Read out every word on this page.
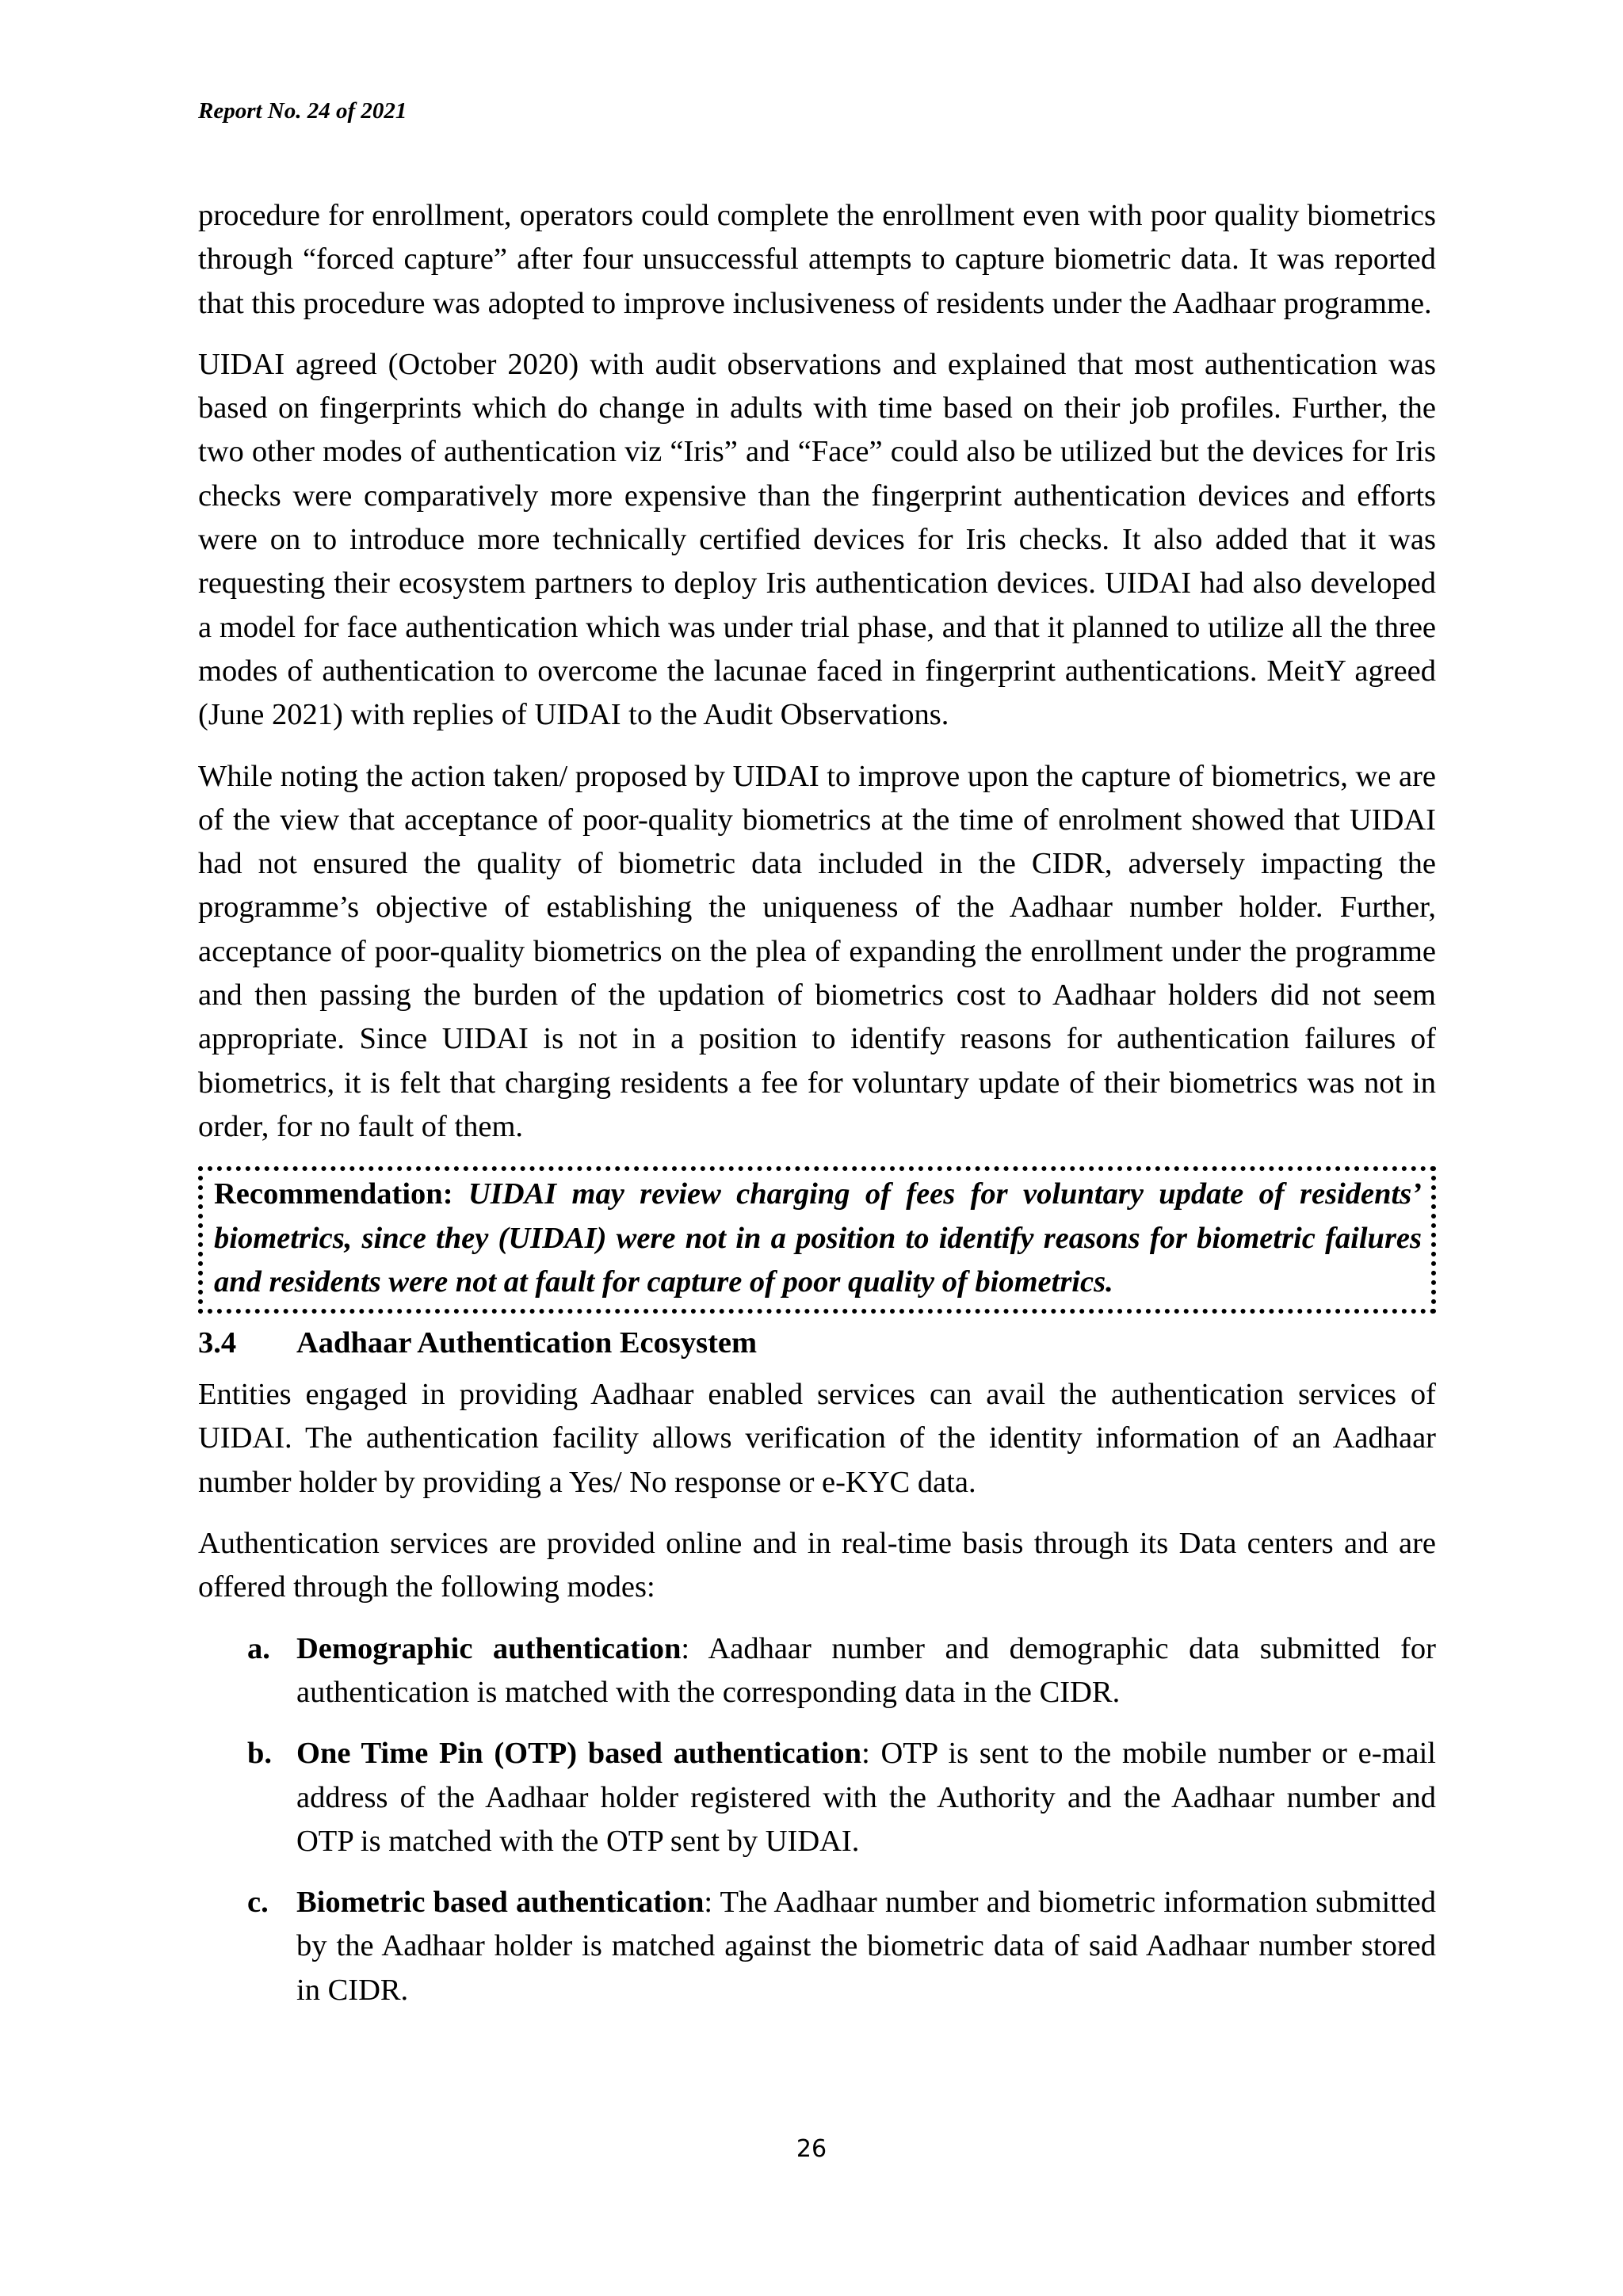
Report No. 24 of 2021

procedure for enrollment, operators could complete the enrollment even with poor quality biometrics through “forced capture” after four unsuccessful attempts to capture biometric data. It was reported that this procedure was adopted to improve inclusiveness of residents under the Aadhaar programme.

UIDAI agreed (October 2020) with audit observations and explained that most authentication was based on fingerprints which do change in adults with time based on their job profiles. Further, the two other modes of authentication viz “Iris” and “Face” could also be utilized but the devices for Iris checks were comparatively more expensive than the fingerprint authentication devices and efforts were on to introduce more technically certified devices for Iris checks. It also added that it was requesting their ecosystem partners to deploy Iris authentication devices. UIDAI had also developed a model for face authentication which was under trial phase, and that it planned to utilize all the three modes of authentication to overcome the lacunae faced in fingerprint authentications. MeitY agreed (June 2021) with replies of UIDAI to the Audit Observations.

While noting the action taken/ proposed by UIDAI to improve upon the capture of biometrics, we are of the view that acceptance of poor-quality biometrics at the time of enrolment showed that UIDAI had not ensured the quality of biometric data included in the CIDR, adversely impacting the programme’s objective of establishing the uniqueness of the Aadhaar number holder. Further, acceptance of poor-quality biometrics on the plea of expanding the enrollment under the programme and then passing the burden of the updation of biometrics cost to Aadhaar holders did not seem appropriate. Since UIDAI is not in a position to identify reasons for authentication failures of biometrics, it is felt that charging residents a fee for voluntary update of their biometrics was not in order, for no fault of them.

Recommendation: UIDAI may review charging of fees for voluntary update of residents’ biometrics, since they (UIDAI) were not in a position to identify reasons for biometric failures and residents were not at fault for capture of poor quality of biometrics.

3.4 Aadhaar Authentication Ecosystem

Entities engaged in providing Aadhaar enabled services can avail the authentication services of UIDAI. The authentication facility allows verification of the identity information of an Aadhaar number holder by providing a Yes/ No response or e-KYC data.

Authentication services are provided online and in real-time basis through its Data centers and are offered through the following modes:

a. Demographic authentication: Aadhaar number and demographic data submitted for authentication is matched with the corresponding data in the CIDR.
b. One Time Pin (OTP) based authentication: OTP is sent to the mobile number or e-mail address of the Aadhaar holder registered with the Authority and the Aadhaar number and OTP is matched with the OTP sent by UIDAI.
c. Biometric based authentication: The Aadhaar number and biometric information submitted by the Aadhaar holder is matched against the biometric data of said Aadhaar number stored in CIDR.
26
